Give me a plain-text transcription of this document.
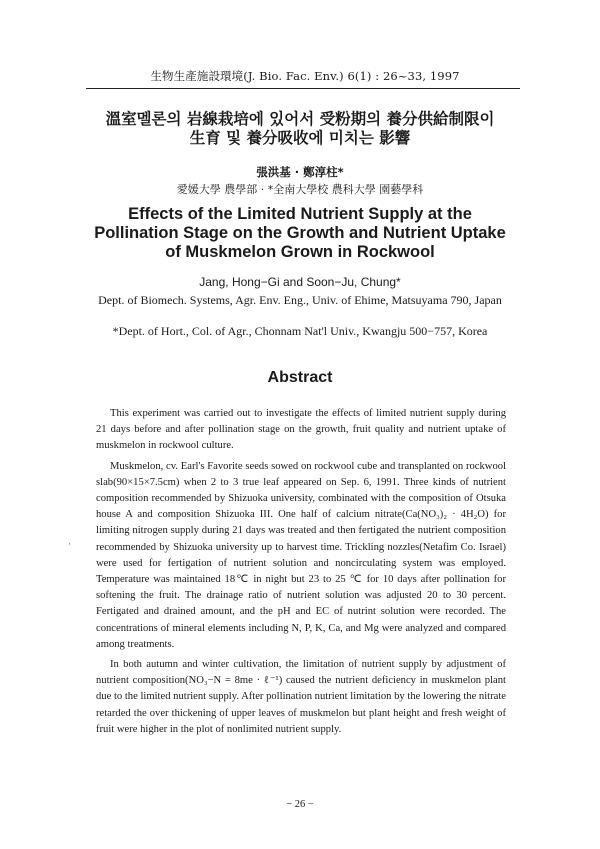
生物生產施設環境(J. Bio. Fac. Env.) 6(1) : 26~33, 1997
溫室멜론의 岩線栽培에 있어서 受粉期의 養分供給制限이
生育 및 養分吸收에 미치는 影響
張洪基 · 鄭淳柱*
愛媛大學 農學部 · *全南大學校 農科大學 園藝學科
Effects of the Limited Nutrient Supply at the
Pollination Stage on the Growth and Nutrient Uptake
of Muskmelon Grown in Rockwool
Jang, Hong−Gi and Soon−Ju, Chung*
Dept. of Biomech. Systems, Agr. Env. Eng., Univ. of Ehime, Matsuyama 790, Japan
*Dept. of Hort., Col. of Agr., Chonnam Nat'l Univ., Kwangju 500−757, Korea
Abstract

This experiment was carried out to investigate the effects of limited nutrient supply during 21 days before and after pollination stage on the growth, fruit quality and nutrient uptake of muskmelon in rockwool culture.

Muskmelon, cv. Earl's Favorite seeds sowed on rockwool cube and transplanted on rockwool slab(90×15×7.5cm) when 2 to 3 true leaf appeared on Sep. 6, 1991. Three kinds of nutrient composition recommended by Shizuoka university, combinated with the composition of Otsuka house A and composition Shizuoka III. One half of calcium nitrate(Ca(NO₃)₂ · 4H₂O) for limiting nitrogen supply during 21 days was treated and then fertigated the nutrient composition recommended by Shizuoka university up to harvest time. Trickling nozzles(Netafim Co. Israel) were used for fertigation of nutrient solution and noncirculating system was employed. Temperature was maintained 18℃ in night but 23 to 25 ℃ for 10 days after pollination for softening the fruit. The drainage ratio of nutrient solution was adjusted 20 to 30 percent. Fertigated and drained amount, and the pH and EC of nutrint solution were recorded. The concentrations of mineral elements including N, P, K, Ca, and Mg were analyzed and compared among treatments.

In both autumn and winter cultivation, the limitation of nutrient supply by adjustment of nutrient composition(NO₃−N = 8me · ℓ⁻¹) caused the nutrient deficiency in muskmelon plant due to the limited nutrient supply. After pollination nutrient limitation by the lowering the nitrate retarded the over thickening of upper leaves of muskmelon but plant height and fresh weight of fruit were higher in the plot of nonlimited nutrient supply.

·
− 26 −
